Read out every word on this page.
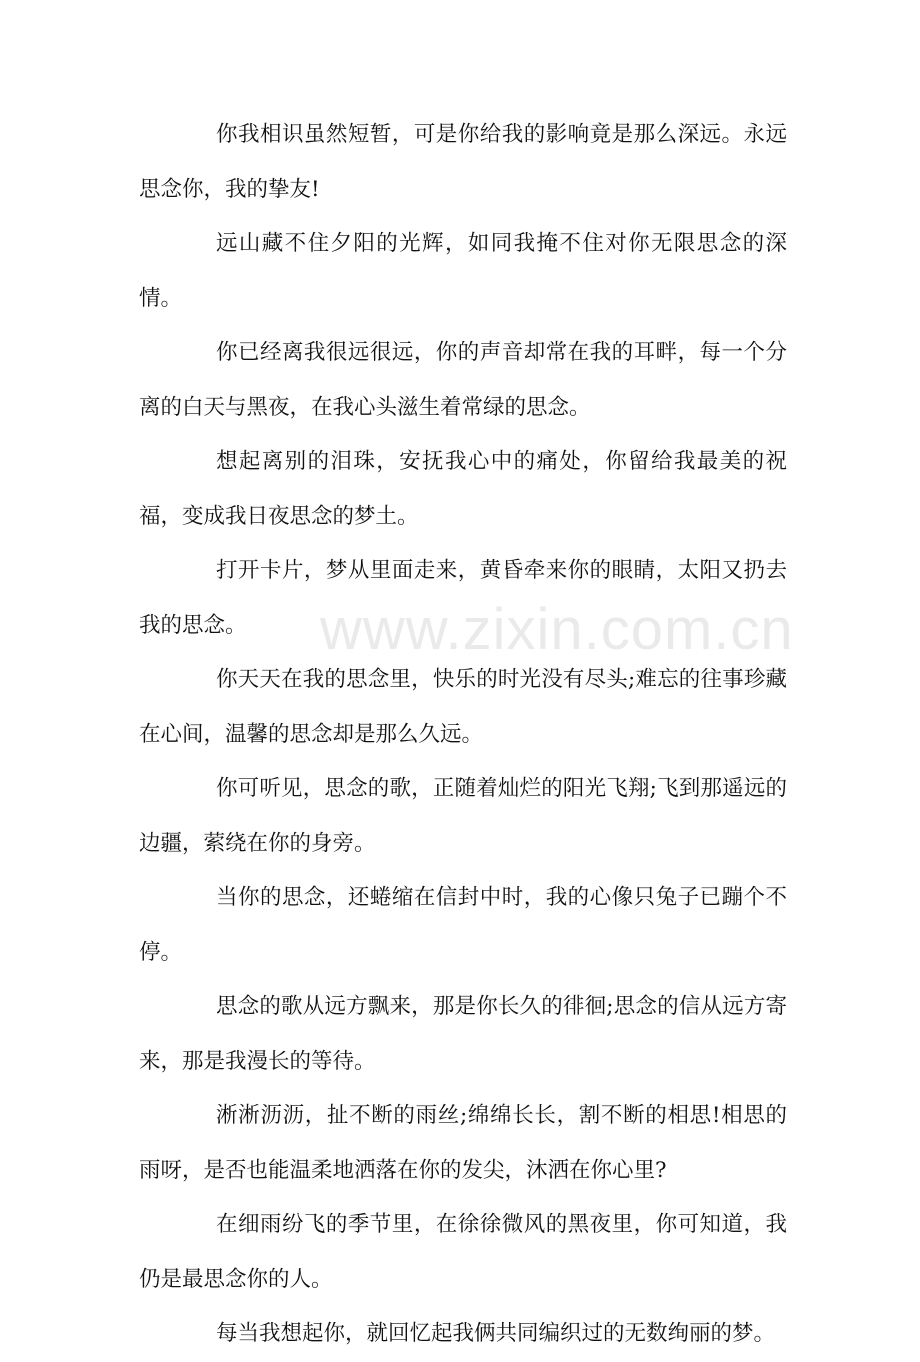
你我相识虽然短暂，可是你给我的影响竟是那么深远。永远思念你，我的挚友!

远山藏不住夕阳的光辉，如同我掩不住对你无限思念的深情。

你已经离我很远很远，你的声音却常在我的耳畔，每一个分离的白天与黑夜，在我心头滋生着常绿的思念。

想起离别的泪珠，安抚我心中的痛处，你留给我最美的祝福，变成我日夜思念的梦土。

打开卡片，梦从里面走来，黄昏牵来你的眼睛，太阳又扔去我的思念。

你天天在我的思念里，快乐的时光没有尽头;难忘的往事珍藏在心间，温馨的思念却是那么久远。

你可听见，思念的歌，正随着灿烂的阳光飞翔;飞到那遥远的边疆，萦绕在你的身旁。

当你的思念，还蜷缩在信封中时，我的心像只兔子已蹦个不停。

思念的歌从远方飘来，那是你长久的徘徊;思念的信从远方寄来，那是我漫长的等待。

淅淅沥沥，扯不断的雨丝;绵绵长长，割不断的相思!相思的雨呀，是否也能温柔地洒落在你的发尖，沐洒在你心里?

在细雨纷飞的季节里，在徐徐微风的黑夜里，你可知道，我仍是最思念你的人。

每当我想起你，就回忆起我俩共同编织过的无数绚丽的梦。

www.zixin.com.cn
